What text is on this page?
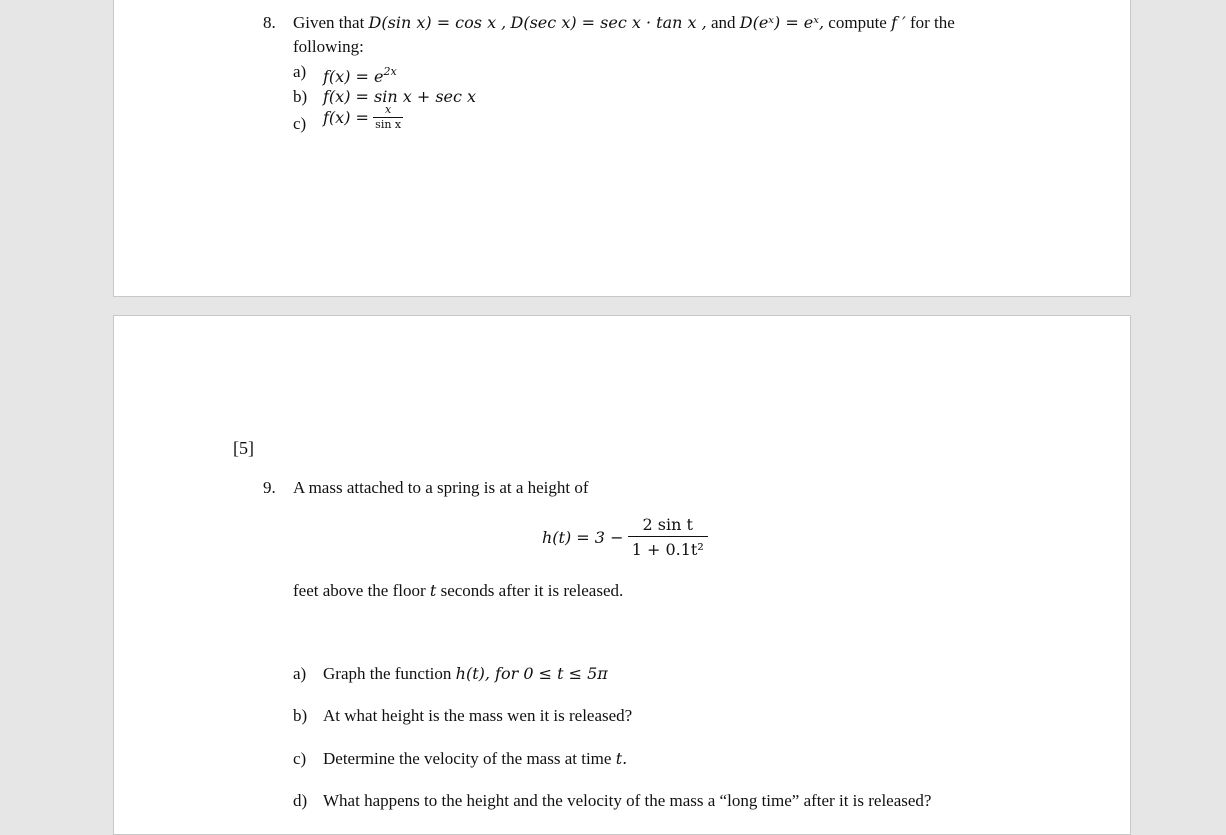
8. Given that D(sin x) = cos x , D(sec x) = sec x · tan x , and D(eˣ) = eˣ, compute f ′ for the
following:
a) $f(x) = e^{2x}$
b) f(x) = sin x + sec x
c) $f(x) = \frac{x}{\text{sin x}}$
[5]
9. A mass attached to a spring is at a height of
$h(t) = 3 - \frac{\text{2 sin t}}{\text{1 + 0.1t²}}$
feet above the floor t seconds after it is released.
a) Graph the function h(t), for 0 ≤ t ≤ 5π
b) At what height is the mass wen it is released?
c) Determine the velocity of the mass at time t.
d) What happens to the height and the velocity of the mass a “long time” after it is released?
